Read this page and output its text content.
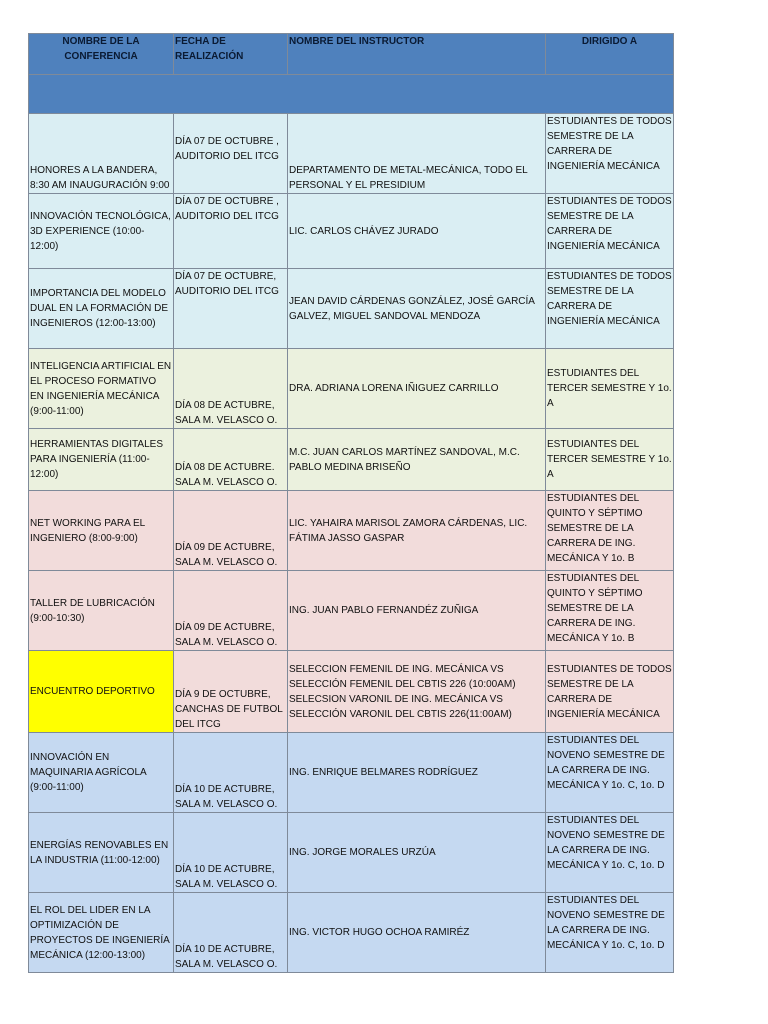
NOMBRE DE LA CONFERENCIA	FECHA DE REALIZACIÓN	NOMBRE DEL INSTRUCTOR	DIRIGIDO A

HONORES A LA BANDERA, 8:30 AM INAUGURACIÓN 9:00	DÍA 07 DE OCTUBRE , AUDITORIO DEL ITCG	DEPARTAMENTO DE METAL-MECÁNICA, TODO EL PERSONAL Y EL PRESIDIUM	ESTUDIANTES DE TODOS SEMESTRE DE LA CARRERA DE INGENIERÍA MECÁNICA
INNOVACIÓN TECNOLÓGICA, 3D EXPERIENCE (10:00-12:00)	DÍA 07 DE OCTUBRE , AUDITORIO DEL ITCG	LIC. CARLOS CHÁVEZ JURADO	ESTUDIANTES DE TODOS SEMESTRE DE LA CARRERA DE INGENIERÍA MECÁNICA
IMPORTANCIA DEL MODELO DUAL EN LA FORMACIÓN DE INGENIEROS (12:00-13:00)	DÍA 07 DE OCTUBRE, AUDITORIO DEL ITCG	JEAN DAVID CÁRDENAS GONZÁLEZ, JOSÉ GARCÍA GALVEZ, MIGUEL SANDOVAL MENDOZA	ESTUDIANTES DE TODOS SEMESTRE DE LA CARRERA DE INGENIERÍA MECÁNICA
INTELIGENCIA ARTIFICIAL EN EL PROCESO FORMATIVO EN INGENIERÍA MECÁNICA (9:00-11:00)	DÍA 08 DE ACTUBRE, SALA M. VELASCO O.	DRA. ADRIANA LORENA IÑIGUEZ CARRILLO	ESTUDIANTES DEL TERCER SEMESTRE Y 1o. A
HERRAMIENTAS DIGITALES PARA INGENIERÍA (11:00-12:00)	DÍA 08 DE ACTUBRE. SALA M. VELASCO O.	M.C. JUAN CARLOS MARTÍNEZ SANDOVAL, M.C. PABLO MEDINA BRISEÑO	ESTUDIANTES DEL TERCER SEMESTRE Y 1o. A
NET WORKING PARA EL INGENIERO (8:00-9:00)	DÍA 09 DE ACTUBRE, SALA M. VELASCO O.	LIC. YAHAIRA MARISOL ZAMORA CÁRDENAS, LIC. FÁTIMA JASSO GASPAR	ESTUDIANTES DEL QUINTO Y SÉPTIMO SEMESTRE DE LA CARRERA DE ING. MECÁNICA Y 1o. B
TALLER DE LUBRICACIÓN (9:00-10:30)	DÍA 09 DE ACTUBRE, SALA M. VELASCO O.	ING. JUAN PABLO FERNANDÉZ ZUÑIGA	ESTUDIANTES DEL QUINTO Y SÉPTIMO SEMESTRE DE LA CARRERA DE ING. MECÁNICA Y 1o. B
ENCUENTRO DEPORTIVO	DÍA 9 DE OCTUBRE, CANCHAS DE FUTBOL DEL ITCG	SELECCION FEMENIL DE ING. MECÁNICA VS SELECCIÓN FEMENIL DEL CBTIS 226 (10:00AM) SELECSION VARONIL DE ING. MECÁNICA VS SELECCIÓN VARONIL DEL CBTIS 226(11:00AM)	ESTUDIANTES DE TODOS SEMESTRE DE LA CARRERA DE INGENIERÍA MECÁNICA
INNOVACIÓN EN MAQUINARIA AGRÍCOLA (9:00-11:00)	DÍA 10 DE ACTUBRE, SALA M. VELASCO O.	ING. ENRIQUE BELMARES RODRÍGUEZ	ESTUDIANTES DEL NOVENO SEMESTRE DE LA CARRERA DE ING. MECÁNICA Y 1o. C, 1o. D
ENERGÍAS RENOVABLES EN LA INDUSTRIA (11:00-12:00)	DÍA 10 DE ACTUBRE, SALA M. VELASCO O.	ING. JORGE MORALES URZÚA	ESTUDIANTES DEL NOVENO SEMESTRE DE LA CARRERA DE ING. MECÁNICA Y 1o. C, 1o. D
EL ROL DEL LIDER EN LA OPTIMIZACIÓN DE PROYECTOS DE INGENIERÍA MECÁNICA (12:00-13:00)	DÍA 10 DE ACTUBRE, SALA M. VELASCO O.	ING. VICTOR HUGO OCHOA RAMIRÉZ	ESTUDIANTES DEL NOVENO SEMESTRE DE LA CARRERA DE ING. MECÁNICA Y 1o. C, 1o. D
